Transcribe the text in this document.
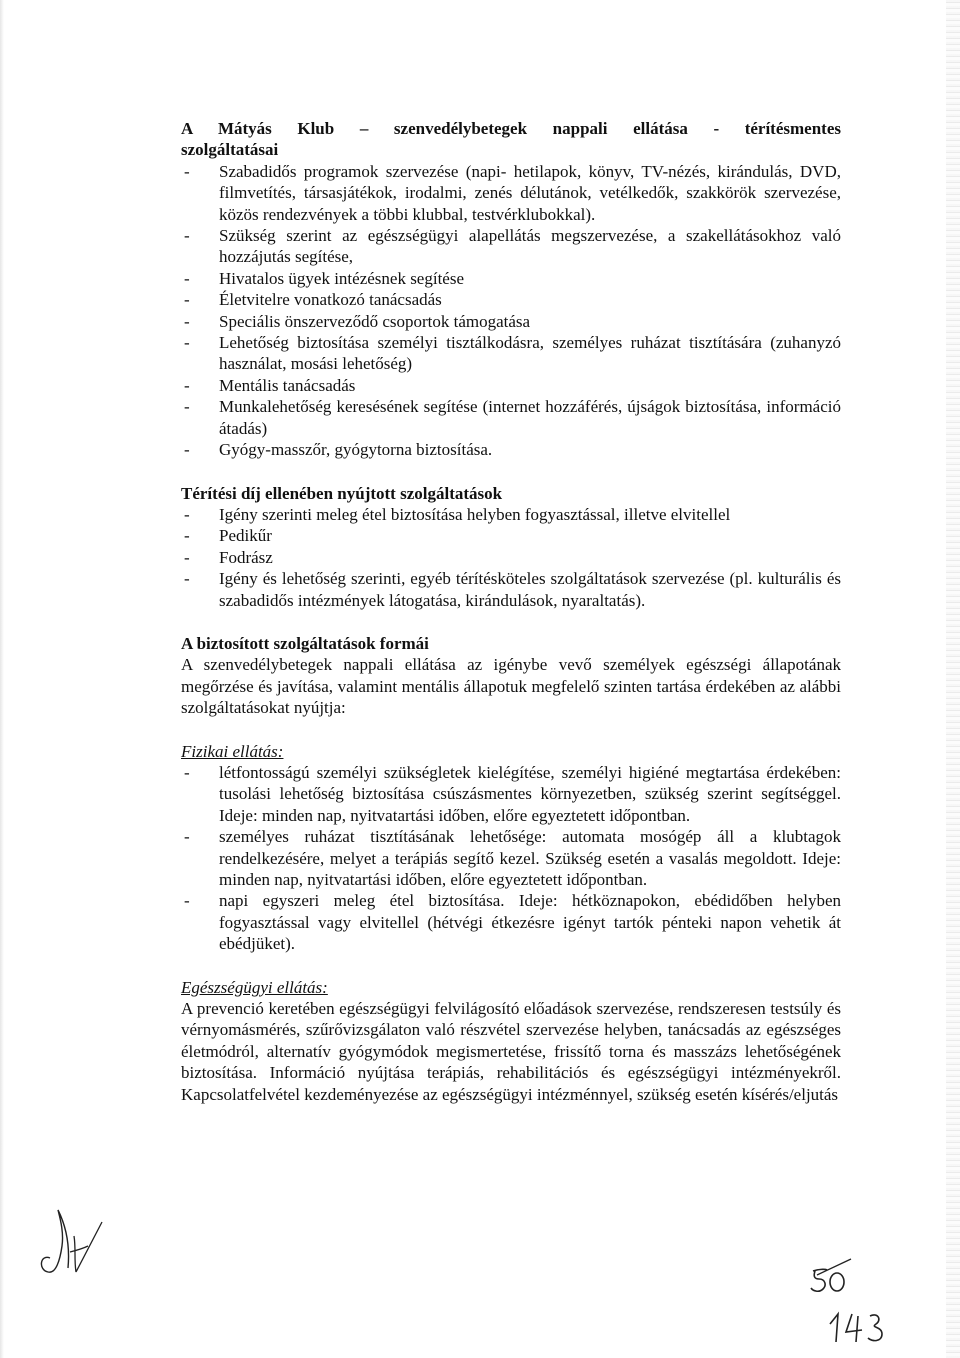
A Mátyás Klub – szenvedélybetegek nappali ellátása - térítésmentes
szolgáltatásai
- Szabadidős programok szervezése (napi- hetilapok, könyv, TV-nézés, kirándulás, DVD, filmvetítés, társasjátékok, irodalmi, zenés délutánok, vetélkedők, szakkörök szervezése, közös rendezvények a többi klubbal, testvérklubokkal).
- Szükség szerint az egészségügyi alapellátás megszervezése, a szakellátásokhoz való hozzájutás segítése,
- Hivatalos ügyek intézésnek segítése
- Életvitelre vonatkozó tanácsadás
- Speciális önszerveződő csoportok támogatása
- Lehetőség biztosítása személyi tisztálkodásra, személyes ruházat tisztítására (zuhanyzó használat, mosási lehetőség)
- Mentális tanácsadás
- Munkalehetőség keresésének segítése (internet hozzáférés, újságok biztosítása, információ átadás)
- Gyógy-masszőr, gyógytorna biztosítása.
Térítési díj ellenében nyújtott szolgáltatások
- Igény szerinti meleg étel biztosítása helyben fogyasztással, illetve elvitellel
- Pedikűr
- Fodrász
- Igény és lehetőség szerinti, egyéb térítésköteles szolgáltatások szervezése (pl. kulturális és szabadidős intézmények látogatása, kirándulások, nyaraltatás).
A biztosított szolgáltatások formái
A szenvedélybetegek nappali ellátása az igénybe vevő személyek egészségi állapotának megőrzése és javítása, valamint mentális állapotuk megfelelő szinten tartása érdekében az alábbi szolgáltatásokat nyújtja:
Fizikai ellátás:
- létfontosságú személyi szükségletek kielégítése, személyi higiéné megtartása érdekében: tusolási lehetőség biztosítása csúszásmentes környezetben, szükség szerint segítséggel. Ideje: minden nap, nyitvatartási időben, előre egyeztetett időpontban.
- személyes ruházat tisztításának lehetősége: automata mosógép áll a klubtagok rendelkezésére, melyet a terápiás segítő kezel. Szükség esetén a vasalás megoldott. Ideje: minden nap, nyitvatartási időben, előre egyeztetett időpontban.
- napi egyszeri meleg étel biztosítása. Ideje: hétköznapokon, ebédidőben helyben fogyasztással vagy elvitellel (hétvégi étkezésre igényt tartók pénteki napon vehetik át ebédjüket).
Egészségügyi ellátás:
A prevenció keretében egészségügyi felvilágosító előadások szervezése, rendszeresen testsúly és vérnyomásmérés, szűrővizsgálaton való részvétel szervezése helyben, tanácsadás az egészséges életmódról, alternatív gyógymódok megismertetése, frissítő torna és masszázs lehetőségének biztosítása. Információ nyújtása terápiás, rehabilitációs és egészségügyi intézményekről. Kapcsolatfelvétel kezdeményezése az egészségügyi intézménnyel, szükség esetén kísérés/eljutás
